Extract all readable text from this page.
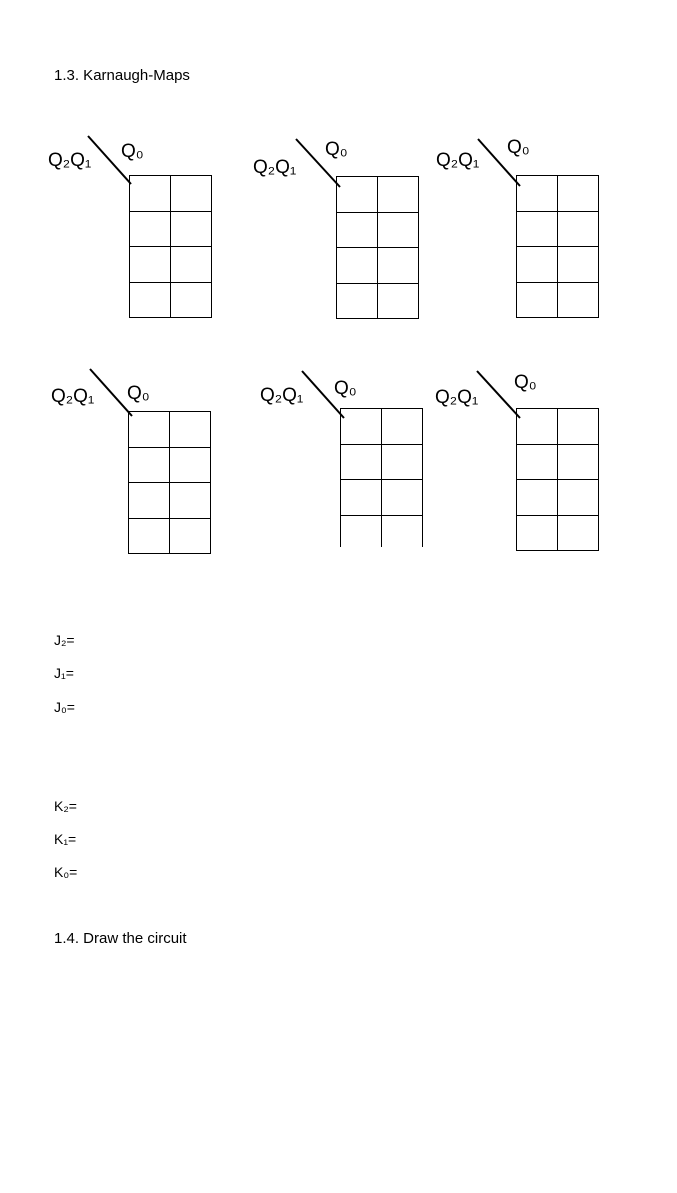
1.3. Karnaugh-Maps
Q₀
Q₂Q₁

Q₀
Q₂Q₁

Q₀
Q₂Q₁

Q₀
Q₂Q₁

		Q₀
Q₂Q₁

Q₀
Q₂Q₁

J₂=
J₁=
J₀=
K₂=
K₁=
K₀=
1.4. Draw the circuit
